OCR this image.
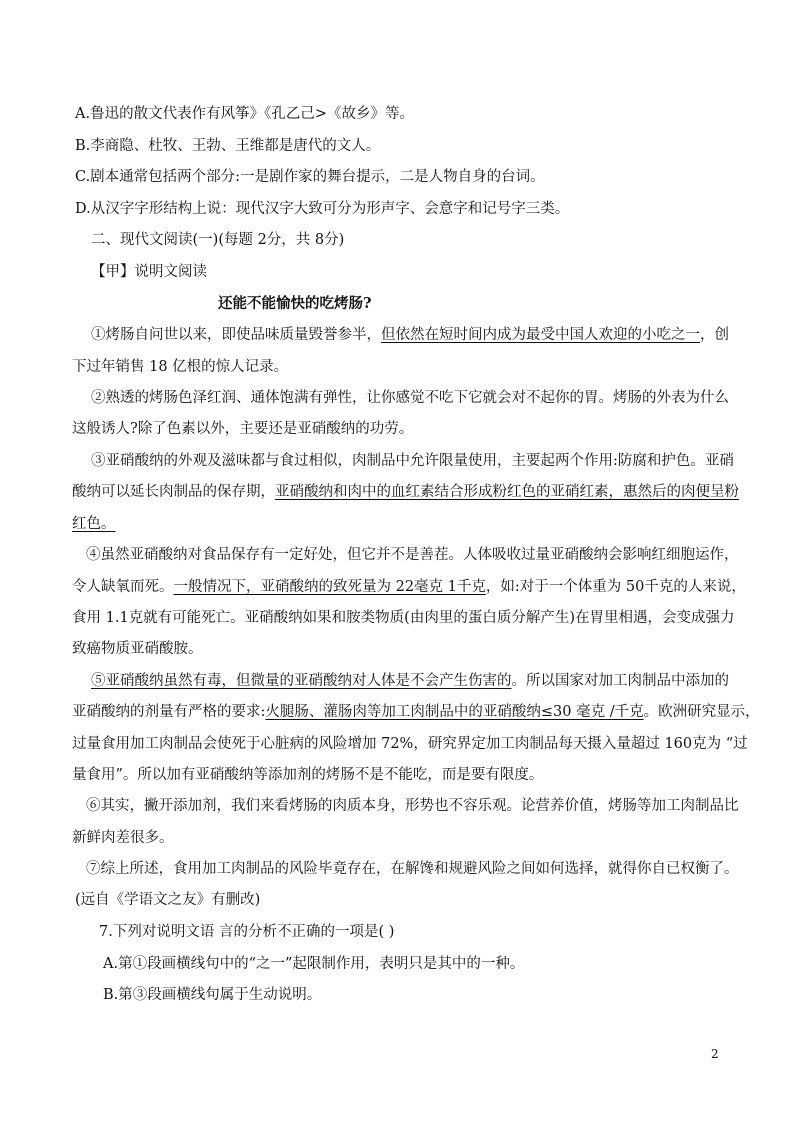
A.鲁迅的散文代表作有风筝》《孔乙己>《故乡》等。
B.李商隐、杜牧、王勃、王维都是唐代的文人。
C.剧本通常包括两个部分:一是剧作家的舞台提示，二是人物自身的台词。
D.从汉字字形结构上说：现代汉字大致可分为形声字、会意字和记号字三类。
二、现代文阅读(一)(每题 2分，共 8分)
【甲】说明文阅读
还能不能愉快的吃烤肠?
①烤肠自问世以来，即使品味质量毁誉参半，但依然在短时间内成为最受中国人欢迎的小吃之一，创
下过年销售 18 亿根的惊人记录。
②熟透的烤肠色泽红润、通体饱满有弹性，让你感觉不吃下它就会对不起你的胃。烤肠的外表为什么
这般诱人?除了色素以外，主要还是亚硝酸纳的功劳。
③亚硝酸纳的外观及滋味都与食过相似，肉制品中允许限量使用，主要起两个作用:防腐和护色。亚硝
酸纳可以延长肉制品的保存期，亚硝酸纳和肉中的血红素结合形成粉红色的亚硝红素，惠然后的肉便呈粉
红色。
④虽然亚硝酸纳对食品保存有一定好处，但它并不是善茬。人体吸收过量亚硝酸纳会影响红细胞运作，
令人缺氧而死。一般情况下，亚硝酸纳的致死量为 22毫克 1千克，如:对于一个体重为 50千克的人来说，
食用 1.1克就有可能死亡。亚硝酸纳如果和胺类物质(由肉里的蛋白质分解产生)在胃里相遇，会变成强力
致癌物质亚硝酸胺。
⑤亚硝酸纳虽然有毒，但微量的亚硝酸纳对人体是不会产生伤害的。所以国家对加工肉制品中添加的
亚硝酸纳的剂量有严格的要求:火腿肠、灌肠肉等加工肉制品中的亚硝酸纳≤30 毫克 /千克。欧洲研究显示，
过量食用加工肉制品会使死于心脏病的风险增加 72%，研究界定加工肉制品每天摄入量超过 160克为 “过
量食用”。所以加有亚硝酸纳等添加剂的烤肠不是不能吃，而是要有限度。
⑥其实，撇开添加剂，我们来看烤肠的肉质本身，形势也不容乐观。论营养价值，烤肠等加工肉制品比
新鲜肉差很多。
⑦综上所述，食用加工肉制品的风险毕竟存在，在解馋和规避风险之间如何选择，就得你自已权衡了。
(远自《学语文之友》有删改)
7.下列对说明文语 言的分析不正确的一项是( )
A.第①段画横线句中的“之一”起限制作用，表明只是其中的一种。
B.第③段画横线句属于生动说明。
2
